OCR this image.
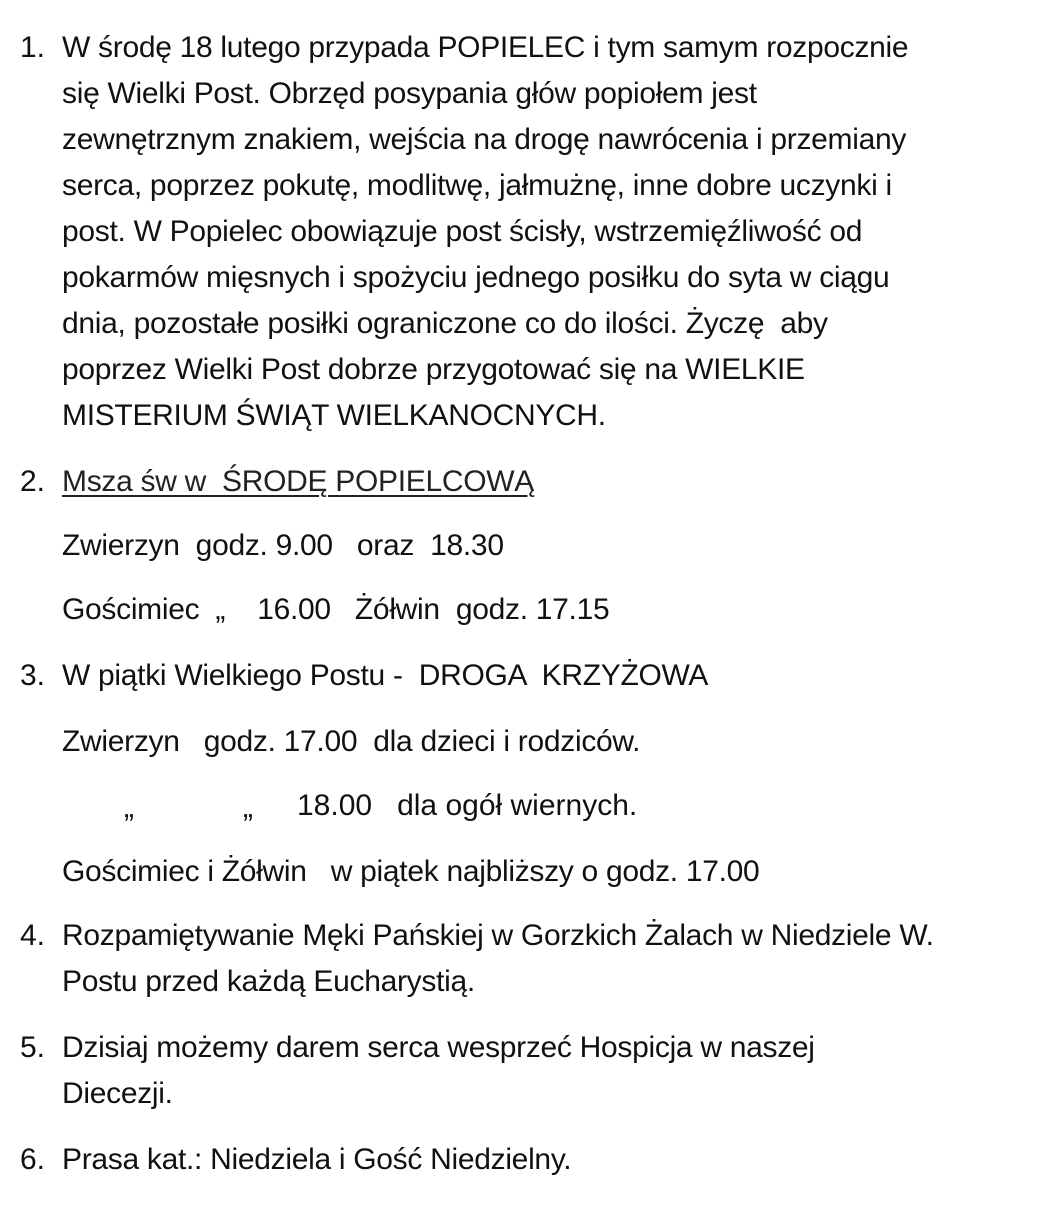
1. W środę 18 lutego przypada POPIELEC i tym samym rozpocznie
się Wielki Post. Obrzęd posypania głów popiołem jest
zewnętrznym znakiem, wejścia na drogę nawrócenia i przemiany
serca, poprzez pokutę, modlitwę, jałmużnę, inne dobre uczynki i
post. W Popielec obowiązuje post ścisły, wstrzemięźliwość od
pokarmów mięsnych i spożyciu jednego posiłku do syta w ciągu
dnia, pozostałe posiłki ograniczone co do ilości. Życzę  aby
poprzez Wielki Post dobrze przygotować się na WIELKIE
MISTERIUM ŚWIĄT WIELKANOCNYCH.
2. Msza św w  ŚRODĘ POPIELCOWĄ
Zwierzyn  godz. 9.00   oraz  18.30
Gościmiec  „    16.00   Żółwin  godz. 17.15
3. W piątki Wielkiego Postu -  DROGA  KRZYŻOWA
Zwierzyn   godz. 17.00  dla dzieci i rodziców.
„	„ 18.00   dla ogół wiernych.
Gościmiec i Żółwin   w piątek najbliższy o godz. 17.00
4. Rozpamiętywanie Męki Pańskiej w Gorzkich Żalach w Niedziele W.
Postu przed każdą Eucharystią.
5. Dzisiaj możemy darem serca wesprzeć Hospicja w naszej
Diecezji.
6. Prasa kat.: Niedziela i Gość Niedzielny.
